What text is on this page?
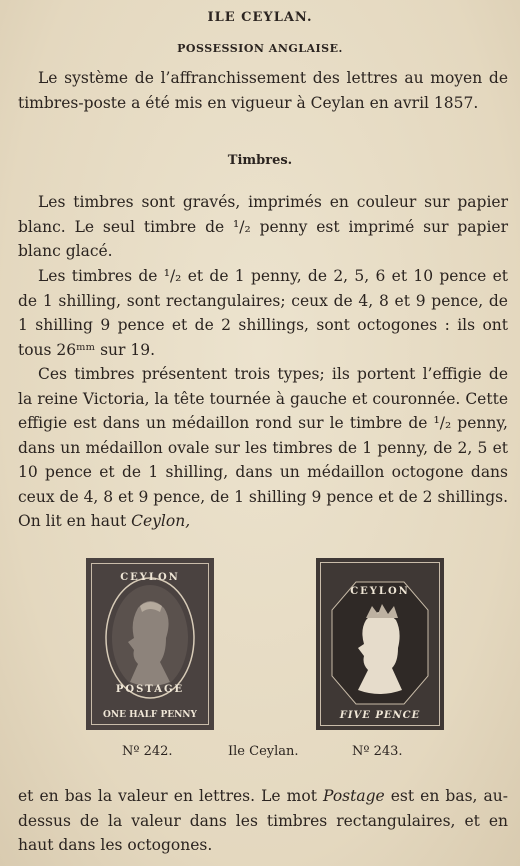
ILE CEYLAN.
POSSESSION ANGLAISE.
Le système de l’affranchissement des lettres au moyen de timbres-poste a été mis en vigueur à Ceylan en avril 1857.
Timbres.
Les timbres sont gravés, imprimés en couleur sur papier blanc. Le seul timbre de ¹/₂ penny est imprimé sur papier blanc glacé.
Les timbres de ¹/₂ et de 1 penny, de 2, 5, 6 et 10 pence et de 1 shilling, sont rectangulaires; ceux de 4, 8 et 9 pence, de 1 shilling 9 pence et de 2 shillings, sont octogones : ils ont tous 26ᵐᵐ sur 19.
Ces timbres présentent trois types; ils portent l’effigie de la reine Victoria, la tête tournée à gauche et couronnée. Cette effigie est dans un médaillon rond sur le timbre de ¹/₂ penny, dans un médaillon ovale sur les timbres de 1 penny, de 2, 5 et 10 pence et de 1 shilling, dans un médaillon octogone dans ceux de 4, 8 et 9 pence, de 1 shilling 9 pence et de 2 shillings. On lit en haut Ceylon,
CEYLON
POSTAGE
ONE HALF PENNY
CEYLON
FIVE PENCE
Nº 242.	Ile Ceylan.	Nº 243.
et en bas la valeur en lettres. Le mot Postage est en bas, au-dessus de la valeur dans les timbres rectangulaires, et en haut dans les octogones.
